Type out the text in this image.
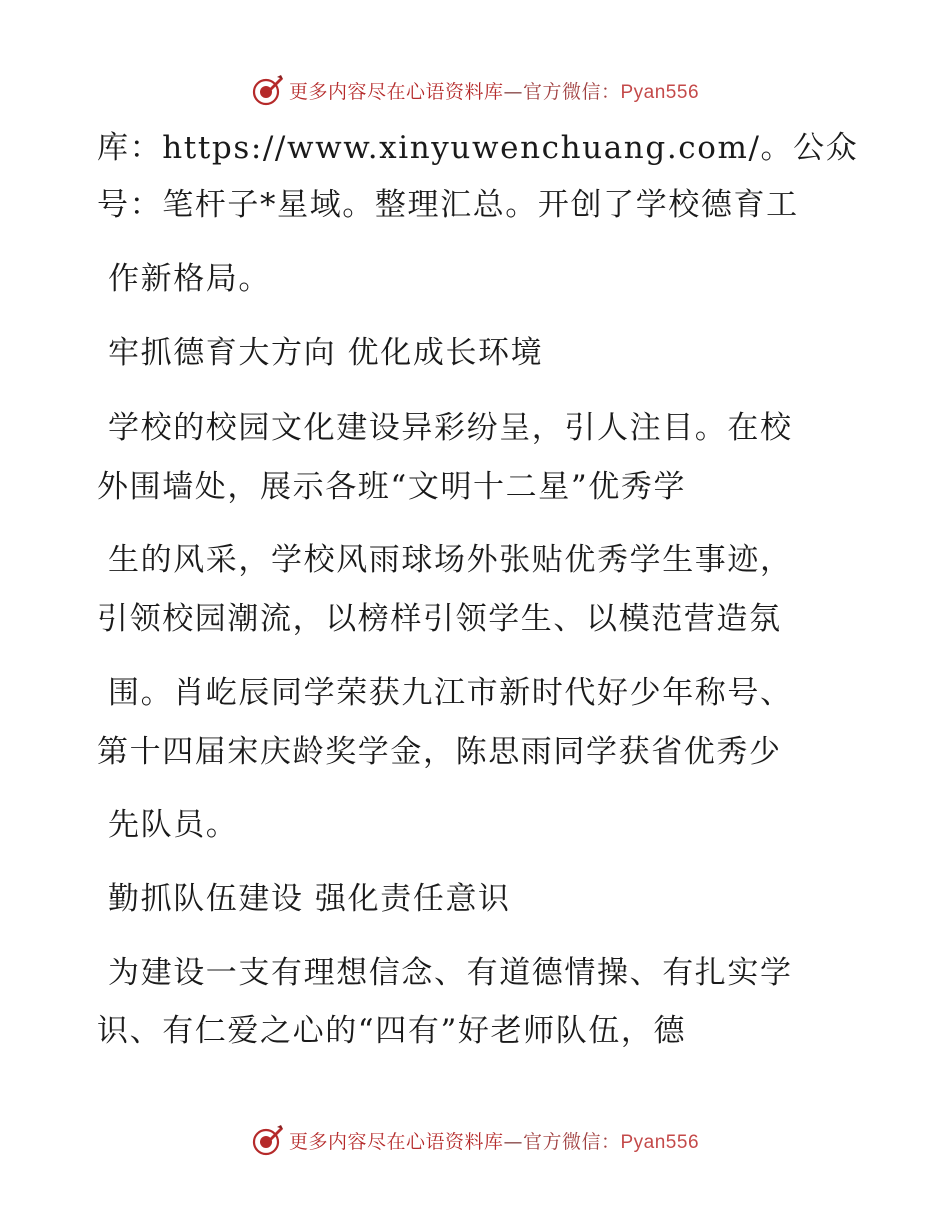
更多内容尽在心语资料库—官方微信：Pyan556
库：https://www.xinyuwenchuang.com/。公众
号：笔杆子*星域。整理汇总。开创了学校德育工
作新格局。
牢抓德育大方向 优化成长环境
学校的校园文化建设异彩纷呈，引人注目。在校
外围墙处，展示各班“文明十二星”优秀学
生的风采，学校风雨球场外张贴优秀学生事迹，
引领校园潮流，以榜样引领学生、以模范营造氛
围。肖屹辰同学荣获九江市新时代好少年称号、
第十四届宋庆龄奖学金，陈思雨同学获省优秀少
先队员。
勤抓队伍建设 强化责任意识
为建设一支有理想信念、有道德情操、有扎实学
识、有仁爱之心的“四有”好老师队伍，德
更多内容尽在心语资料库—官方微信：Pyan556
